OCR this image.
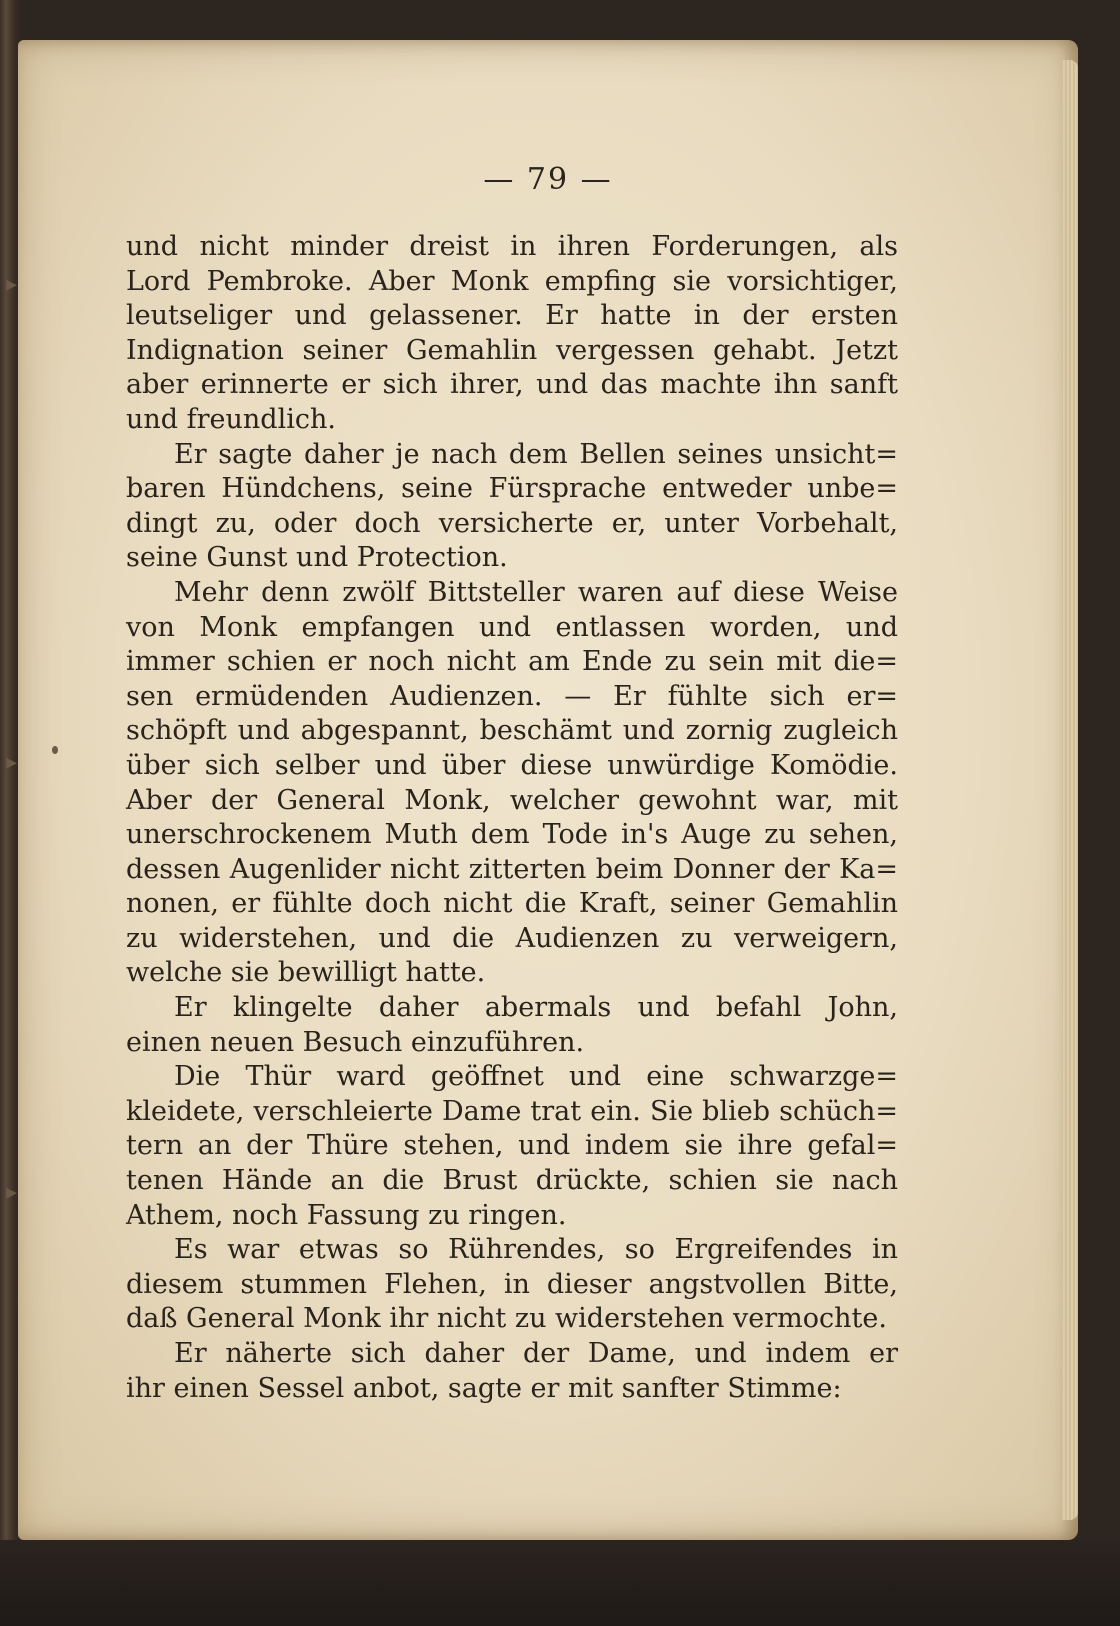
— 79 —
und nicht minder dreist in ihren Forderungen, als
Lord Pembroke. Aber Monk empfing sie vorsichtiger,
leutseliger und gelassener. Er hatte in der ersten
Indignation seiner Gemahlin vergessen gehabt. Jetzt
aber erinnerte er sich ihrer, und das machte ihn sanft
und freundlich.
Er sagte daher je nach dem Bellen seines unsicht=
baren Hündchens, seine Fürsprache entweder unbe=
dingt zu, oder doch versicherte er, unter Vorbehalt,
seine Gunst und Protection.
Mehr denn zwölf Bittsteller waren auf diese Weise
von Monk empfangen und entlassen worden, und
immer schien er noch nicht am Ende zu sein mit die=
sen ermüdenden Audienzen. — Er fühlte sich er=
schöpft und abgespannt, beschämt und zornig zugleich
über sich selber und über diese unwürdige Komödie.
Aber der General Monk, welcher gewohnt war, mit
unerschrockenem Muth dem Tode in's Auge zu sehen,
dessen Augenlider nicht zitterten beim Donner der Ka=
nonen, er fühlte doch nicht die Kraft, seiner Gemahlin
zu widerstehen, und die Audienzen zu verweigern,
welche sie bewilligt hatte.
Er klingelte daher abermals und befahl John,
einen neuen Besuch einzuführen.
Die Thür ward geöffnet und eine schwarzge=
kleidete, verschleierte Dame trat ein. Sie blieb schüch=
tern an der Thüre stehen, und indem sie ihre gefal=
tenen Hände an die Brust drückte, schien sie nach
Athem, noch Fassung zu ringen.
Es war etwas so Rührendes, so Ergreifendes in
diesem stummen Flehen, in dieser angstvollen Bitte,
daß General Monk ihr nicht zu widerstehen vermochte.
Er näherte sich daher der Dame, und indem er
ihr einen Sessel anbot, sagte er mit sanfter Stimme:
▸
▸
▸
